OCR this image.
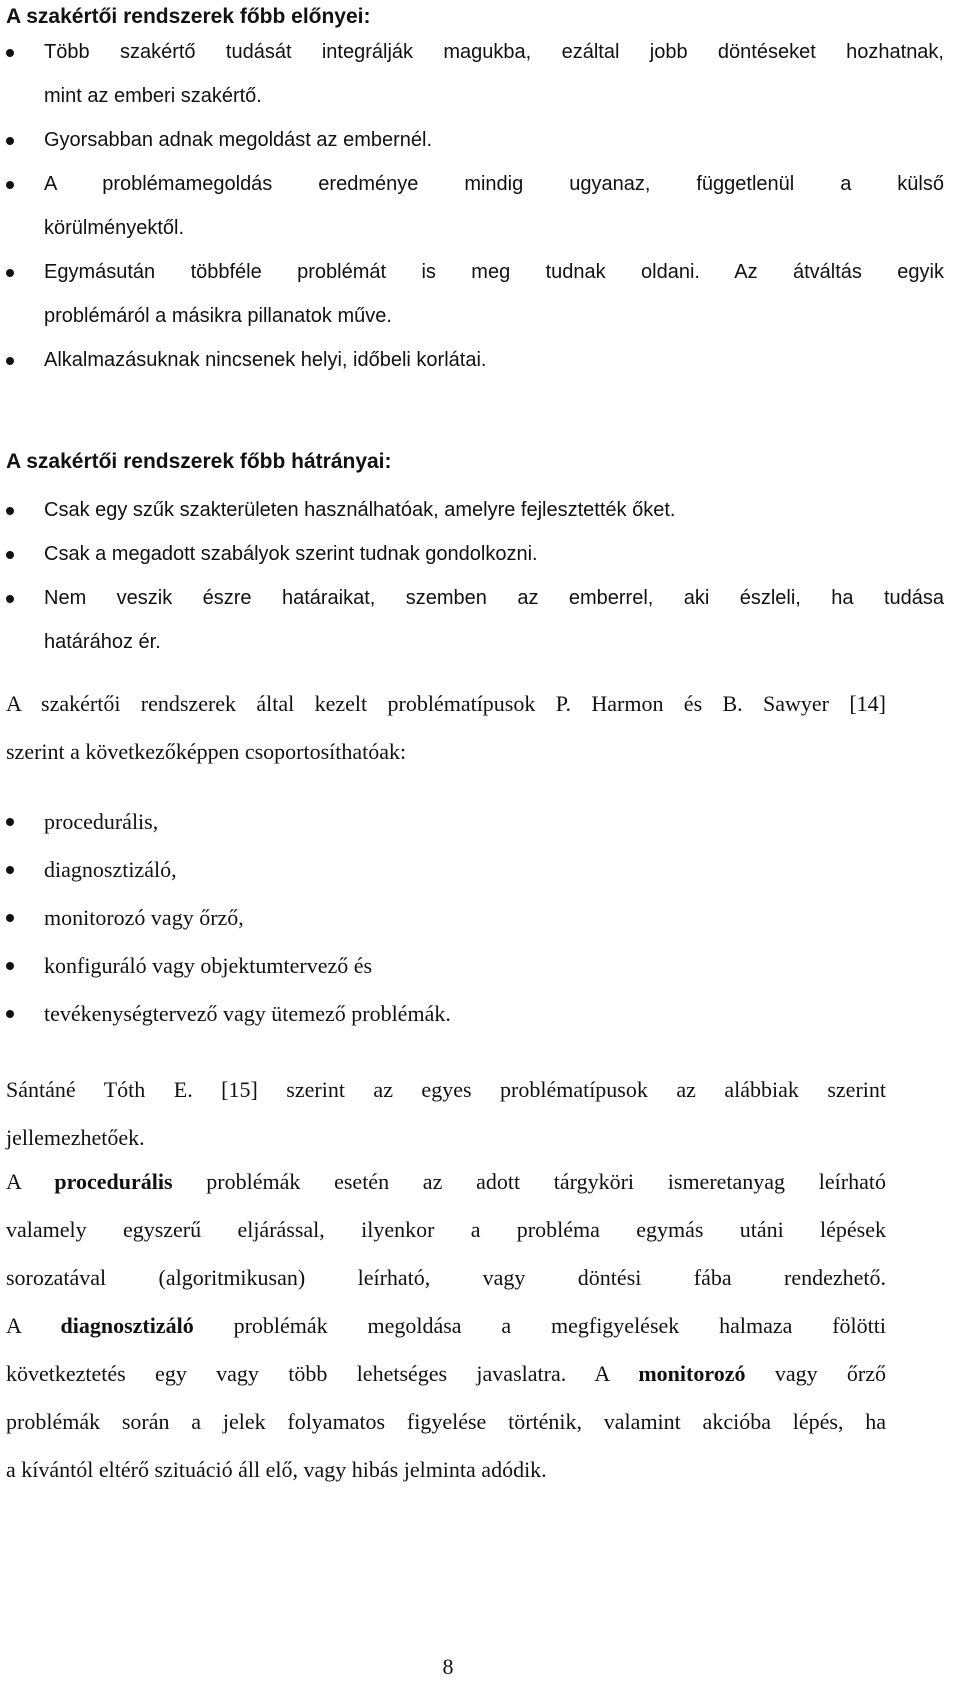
A szakértői rendszerek főbb előnyei:
Több szakértő tudását integrálják magukba, ezáltal jobb döntéseket hozhatnak,
mint az emberi szakértő.
Gyorsabban adnak megoldást az embernél.
A problémamegoldás eredménye mindig ugyanaz, függetlenül a külső
körülményektől.
Egymásután többféle problémát is meg tudnak oldani. Az átváltás egyik
problémáról a másikra pillanatok műve.
Alkalmazásuknak nincsenek helyi, időbeli korlátai.
A szakértői rendszerek főbb hátrányai:
Csak egy szűk szakterületen használhatóak, amelyre fejlesztették őket.
Csak a megadott szabályok szerint tudnak gondolkozni.
Nem veszik észre határaikat, szemben az emberrel, aki észleli, ha tudása
határához ér.
A szakértői rendszerek által kezelt problématípusok P. Harmon és B. Sawyer [14]
szerint a következőképpen csoportosíthatóak:
procedurális,
diagnosztizáló,
monitorozó vagy őrző,
konfiguráló vagy objektumtervező és
tevékenységtervező vagy ütemező problémák.
Sántáné Tóth E. [15] szerint az egyes problématípusok az alábbiak szerint
jellemezhetőek.
A procedurális problémák esetén az adott tárgyköri ismeretanyag leírható
valamely egyszerű eljárással, ilyenkor a probléma egymás utáni lépések
sorozatával (algoritmikusan) leírható, vagy döntési fába rendezhető.
A diagnosztizáló problémák megoldása a megfigyelések halmaza fölötti
következtetés egy vagy több lehetséges javaslatra. A monitorozó vagy őrző
problémák során a jelek folyamatos figyelése történik, valamint akcióba lépés, ha
a kívántól eltérő szituáció áll elő, vagy hibás jelminta adódik.
8
